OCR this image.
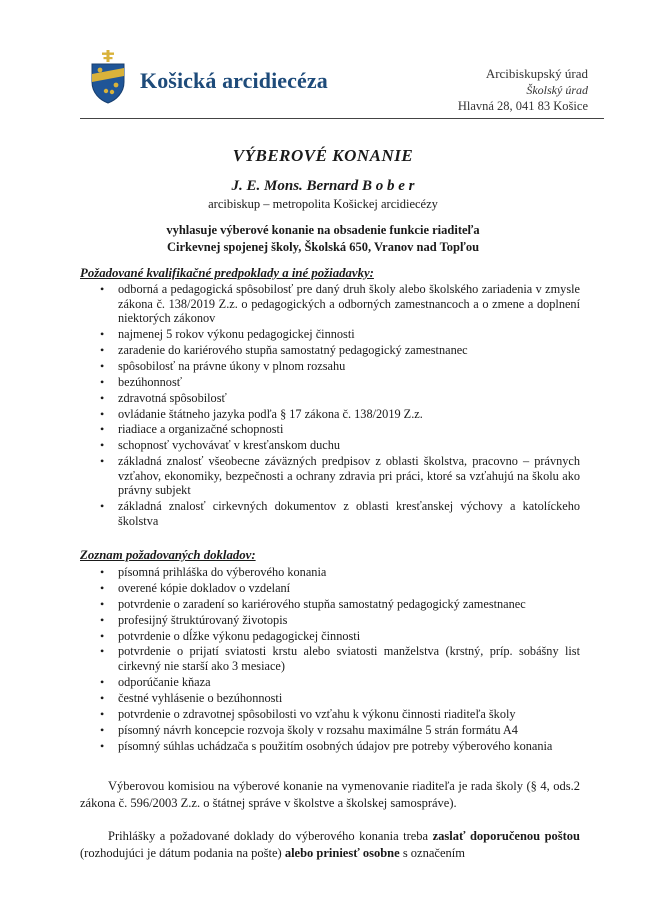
Košická arcidiecéza	Arcibiskupský úrad
Školský úrad
Hlavná 28, 041 83 Košice
VÝBEROVÉ KONANIE
J. E. Mons. Bernard B o b e r
arcibiskup – metropolita Košickej arcidiecézy
vyhlasuje výberové konanie na obsadenie funkcie riaditeľa
Cirkevnej spojenej školy, Školská 650, Vranov nad Topľou
Požadované kvalifikačné predpoklady a iné požiadavky:
• odborná a pedagogická spôsobilosť pre daný druh školy alebo školského zariadenia v zmysle zákona č. 138/2019 Z.z. o pedagogických a odborných zamestnancoch a o zmene a doplnení niektorých zákonov
• najmenej 5 rokov výkonu pedagogickej činnosti
• zaradenie do kariérového stupňa samostatný pedagogický zamestnanec
• spôsobilosť na právne úkony v plnom rozsahu
• bezúhonnosť
• zdravotná spôsobilosť
• ovládanie štátneho jazyka podľa § 17 zákona č. 138/2019 Z.z.
• riadiace a organizačné schopnosti
• schopnosť vychovávať v kresťanskom duchu
• základná znalosť všeobecne záväzných predpisov z oblasti školstva, pracovno – právnych vzťahov, ekonomiky, bezpečnosti a ochrany zdravia pri práci, ktoré sa vzťahujú na školu ako právny subjekt
• základná znalosť cirkevných dokumentov z oblasti kresťanskej výchovy a katolíckeho školstva
Zoznam požadovaných dokladov:
• písomná prihláška do výberového konania
• overené kópie dokladov o vzdelaní
• potvrdenie o zaradení so kariérového stupňa samostatný pedagogický zamestnanec
• profesijný štruktúrovaný životopis
• potvrdenie o dĺžke výkonu pedagogickej činnosti
• potvrdenie o prijatí sviatosti krstu alebo sviatosti manželstva (krstný, príp. sobášny list cirkevný nie starší ako 3 mesiace)
• odporúčanie kňaza
• čestné vyhlásenie o bezúhonnosti
• potvrdenie o zdravotnej spôsobilosti vo vzťahu k výkonu činnosti riaditeľa školy
• písomný návrh koncepcie rozvoja školy v rozsahu maximálne 5 strán formátu A4
• písomný súhlas uchádzača s použitím osobných údajov pre potreby výberového konania

Výberovou komisiou na výberové konanie na vymenovanie riaditeľa je rada školy (§ 4, ods.2 zákona č. 596/2003 Z.z. o štátnej správe v školstve a školskej samospráve).

Prihlášky a požadované doklady do výberového konania treba zaslať doporučenou poštou (rozhodujúci je dátum podania na pošte) alebo priniesť osobne s označením
